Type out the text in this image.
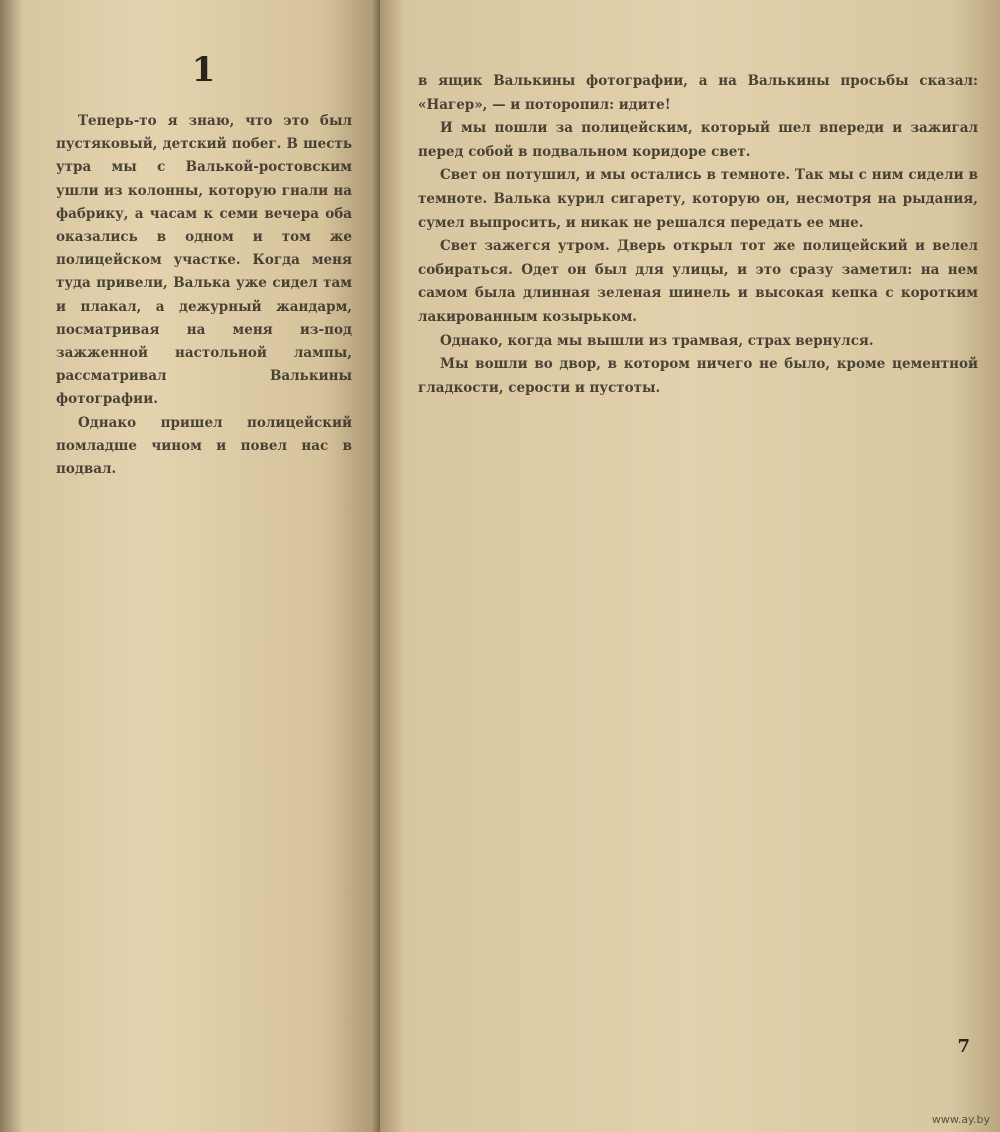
1

Теперь-то я знаю, что это был пустяковый, детский побег. В шесть утра мы с Валькой-ростовским ушли из колонны, которую гнали на фабрику, а часам к семи вечера оба оказались в одном и том же полицейском участке. Когда меня туда привели, Валька уже сидел там и плакал, а дежурный жандарм, посматривая на меня из-под зажженной настольной лампы, рассматривал Валькины фотографии.

Однако пришел полицейский помладше чином и повел нас в подвал.

в ящик Валькины фотографии, а на Валькины просьбы сказал: «Нагер», — и поторопил: идите!

И мы пошли за полицейским, который шел впереди и зажигал перед собой в подвальном коридоре свет.

Свет он потушил, и мы остались в темноте. Так мы с ним сидели в темноте. Валька курил сигарету, которую он, несмотря на рыдания, сумел выпросить, и никак не решался передать ее мне.

Свет зажегся утром. Дверь открыл тот же полицейский и велел собираться. Одет он был для улицы, и это сразу заметил: на нем самом была длинная зеленая шинель и высокая кепка с коротким лакированным козырьком.

Однако, когда мы вышли из трамвая, страх вернулся.

Мы вошли во двор, в котором ничего не было, кроме цементной гладкости, серости и пустоты.

7
www.ay.by
